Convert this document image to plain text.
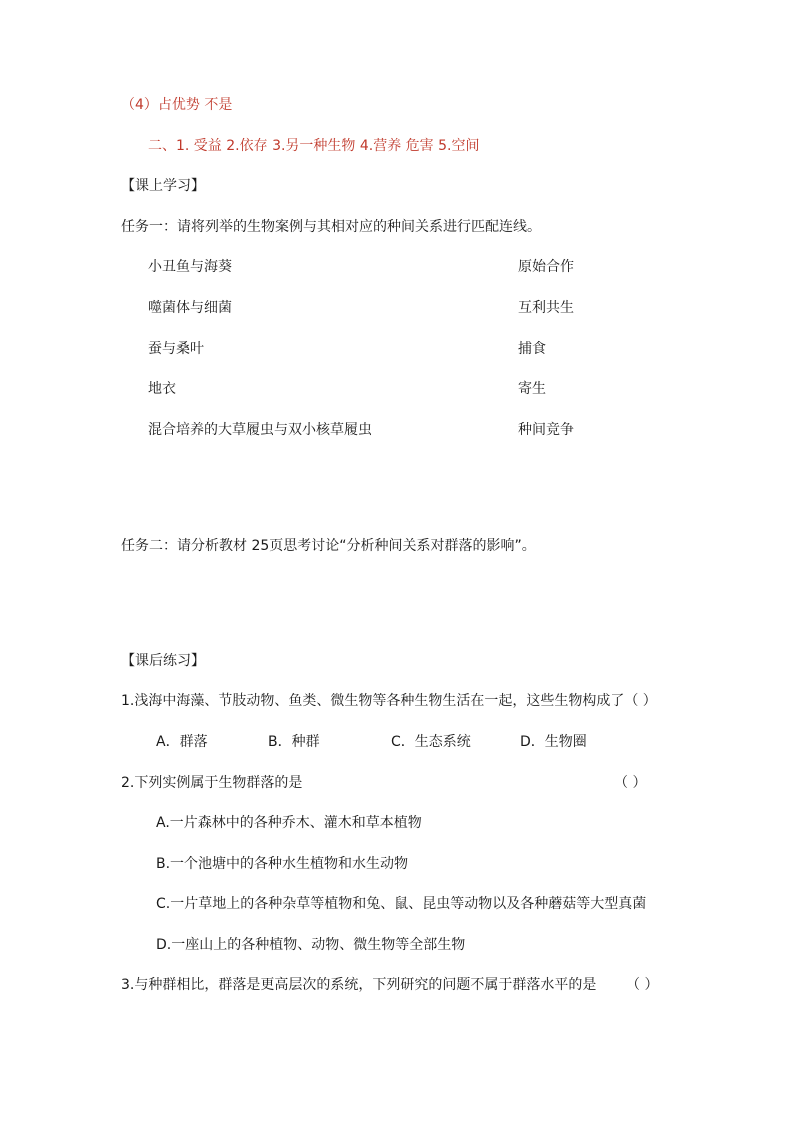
（4）占优势 不是
二、1. 受益 2.依存 3.另一种生物 4.营养 危害 5.空间
【课上学习】
任务一：请将列举的生物案例与其相对应的种间关系进行匹配连线。
小丑鱼与海葵	原始合作
噬菌体与细菌	互利共生
蚕与桑叶	捕食
地衣	寄生
混合培养的大草履虫与双小核草履虫	种间竞争
任务二：请分析教材 25页思考讨论“分析种间关系对群落的影响”。
【课后练习】
1.浅海中海藻、节肢动物、鱼类、微生物等各种生物生活在一起，这些生物构成了（ ）
A．群落	B．种群	C．生态系统	D．生物圈
2.下列实例属于生物群落的是	（ ）
A.一片森林中的各种乔木、灌木和草本植物
B.一个池塘中的各种水生植物和水生动物
C.一片草地上的各种杂草等植物和兔、鼠、昆虫等动物以及各种蘑菇等大型真菌
D.一座山上的各种植物、动物、微生物等全部生物
3.与种群相比，群落是更高层次的系统，下列研究的问题不属于群落水平的是 （ ）
